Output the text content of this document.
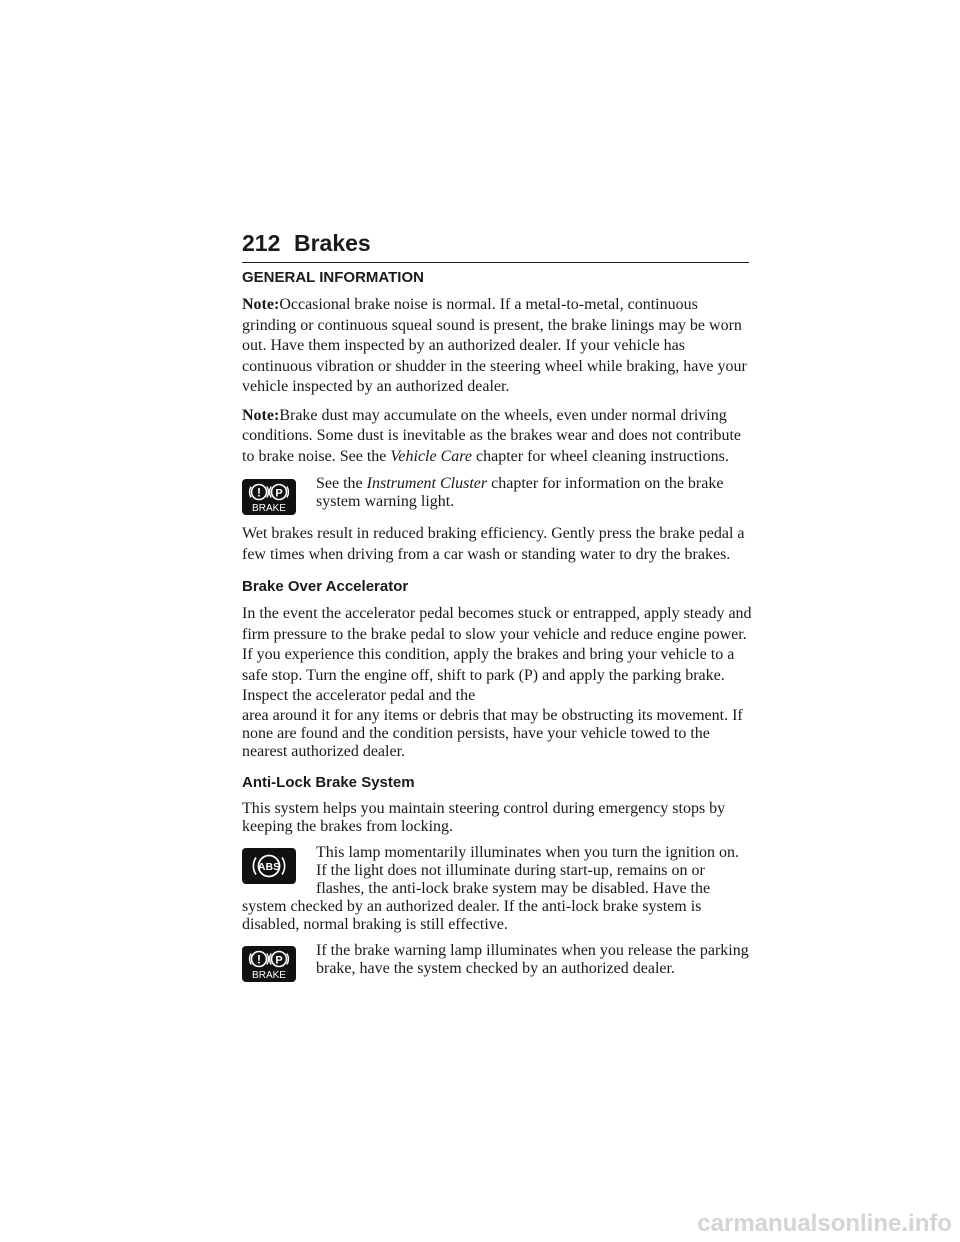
212 Brakes
GENERAL INFORMATION

Note:Occasional brake noise is normal. If a metal-to-metal, continuous grinding or continuous squeal sound is present, the brake linings may be worn out. Have them inspected by an authorized dealer. If your vehicle has continuous vibration or shudder in the steering wheel while braking, have your vehicle inspected by an authorized dealer.

Note:Brake dust may accumulate on the wheels, even under normal driving conditions. Some dust is inevitable as the brakes wear and does not contribute to brake noise. See the Vehicle Care chapter for wheel cleaning instructions.

! P
BRAKE

See the Instrument Cluster chapter for information on the brake system warning light.

Wet brakes result in reduced braking efficiency. Gently press the brake pedal a few times when driving from a car wash or standing water to dry the brakes.

Brake Over Accelerator

In the event the accelerator pedal becomes stuck or entrapped, apply steady and firm pressure to the brake pedal to slow your vehicle and reduce engine power. If you experience this condition, apply the brakes and bring your vehicle to a safe stop. Turn the engine off, shift to park (P) and apply the parking brake. Inspect the accelerator pedal and the

area around it for any items or debris that may be obstructing its movement. If none are found and the condition persists, have your vehicle towed to the nearest authorized dealer.

Anti-Lock Brake System

This system helps you maintain steering control during emergency stops by keeping the brakes from locking.

ABS
This lamp momentarily illuminates when you turn the ignition on. If the light does not illuminate during start-up, remains on or flashes, the anti-lock brake system may be disabled. Have the system checked by an authorized dealer. If the anti-lock brake system is disabled, normal braking is still effective.
! P
BRAKE

If the brake warning lamp illuminates when you release the parking brake, have the system checked by an authorized dealer.

carmanualsonline.info
